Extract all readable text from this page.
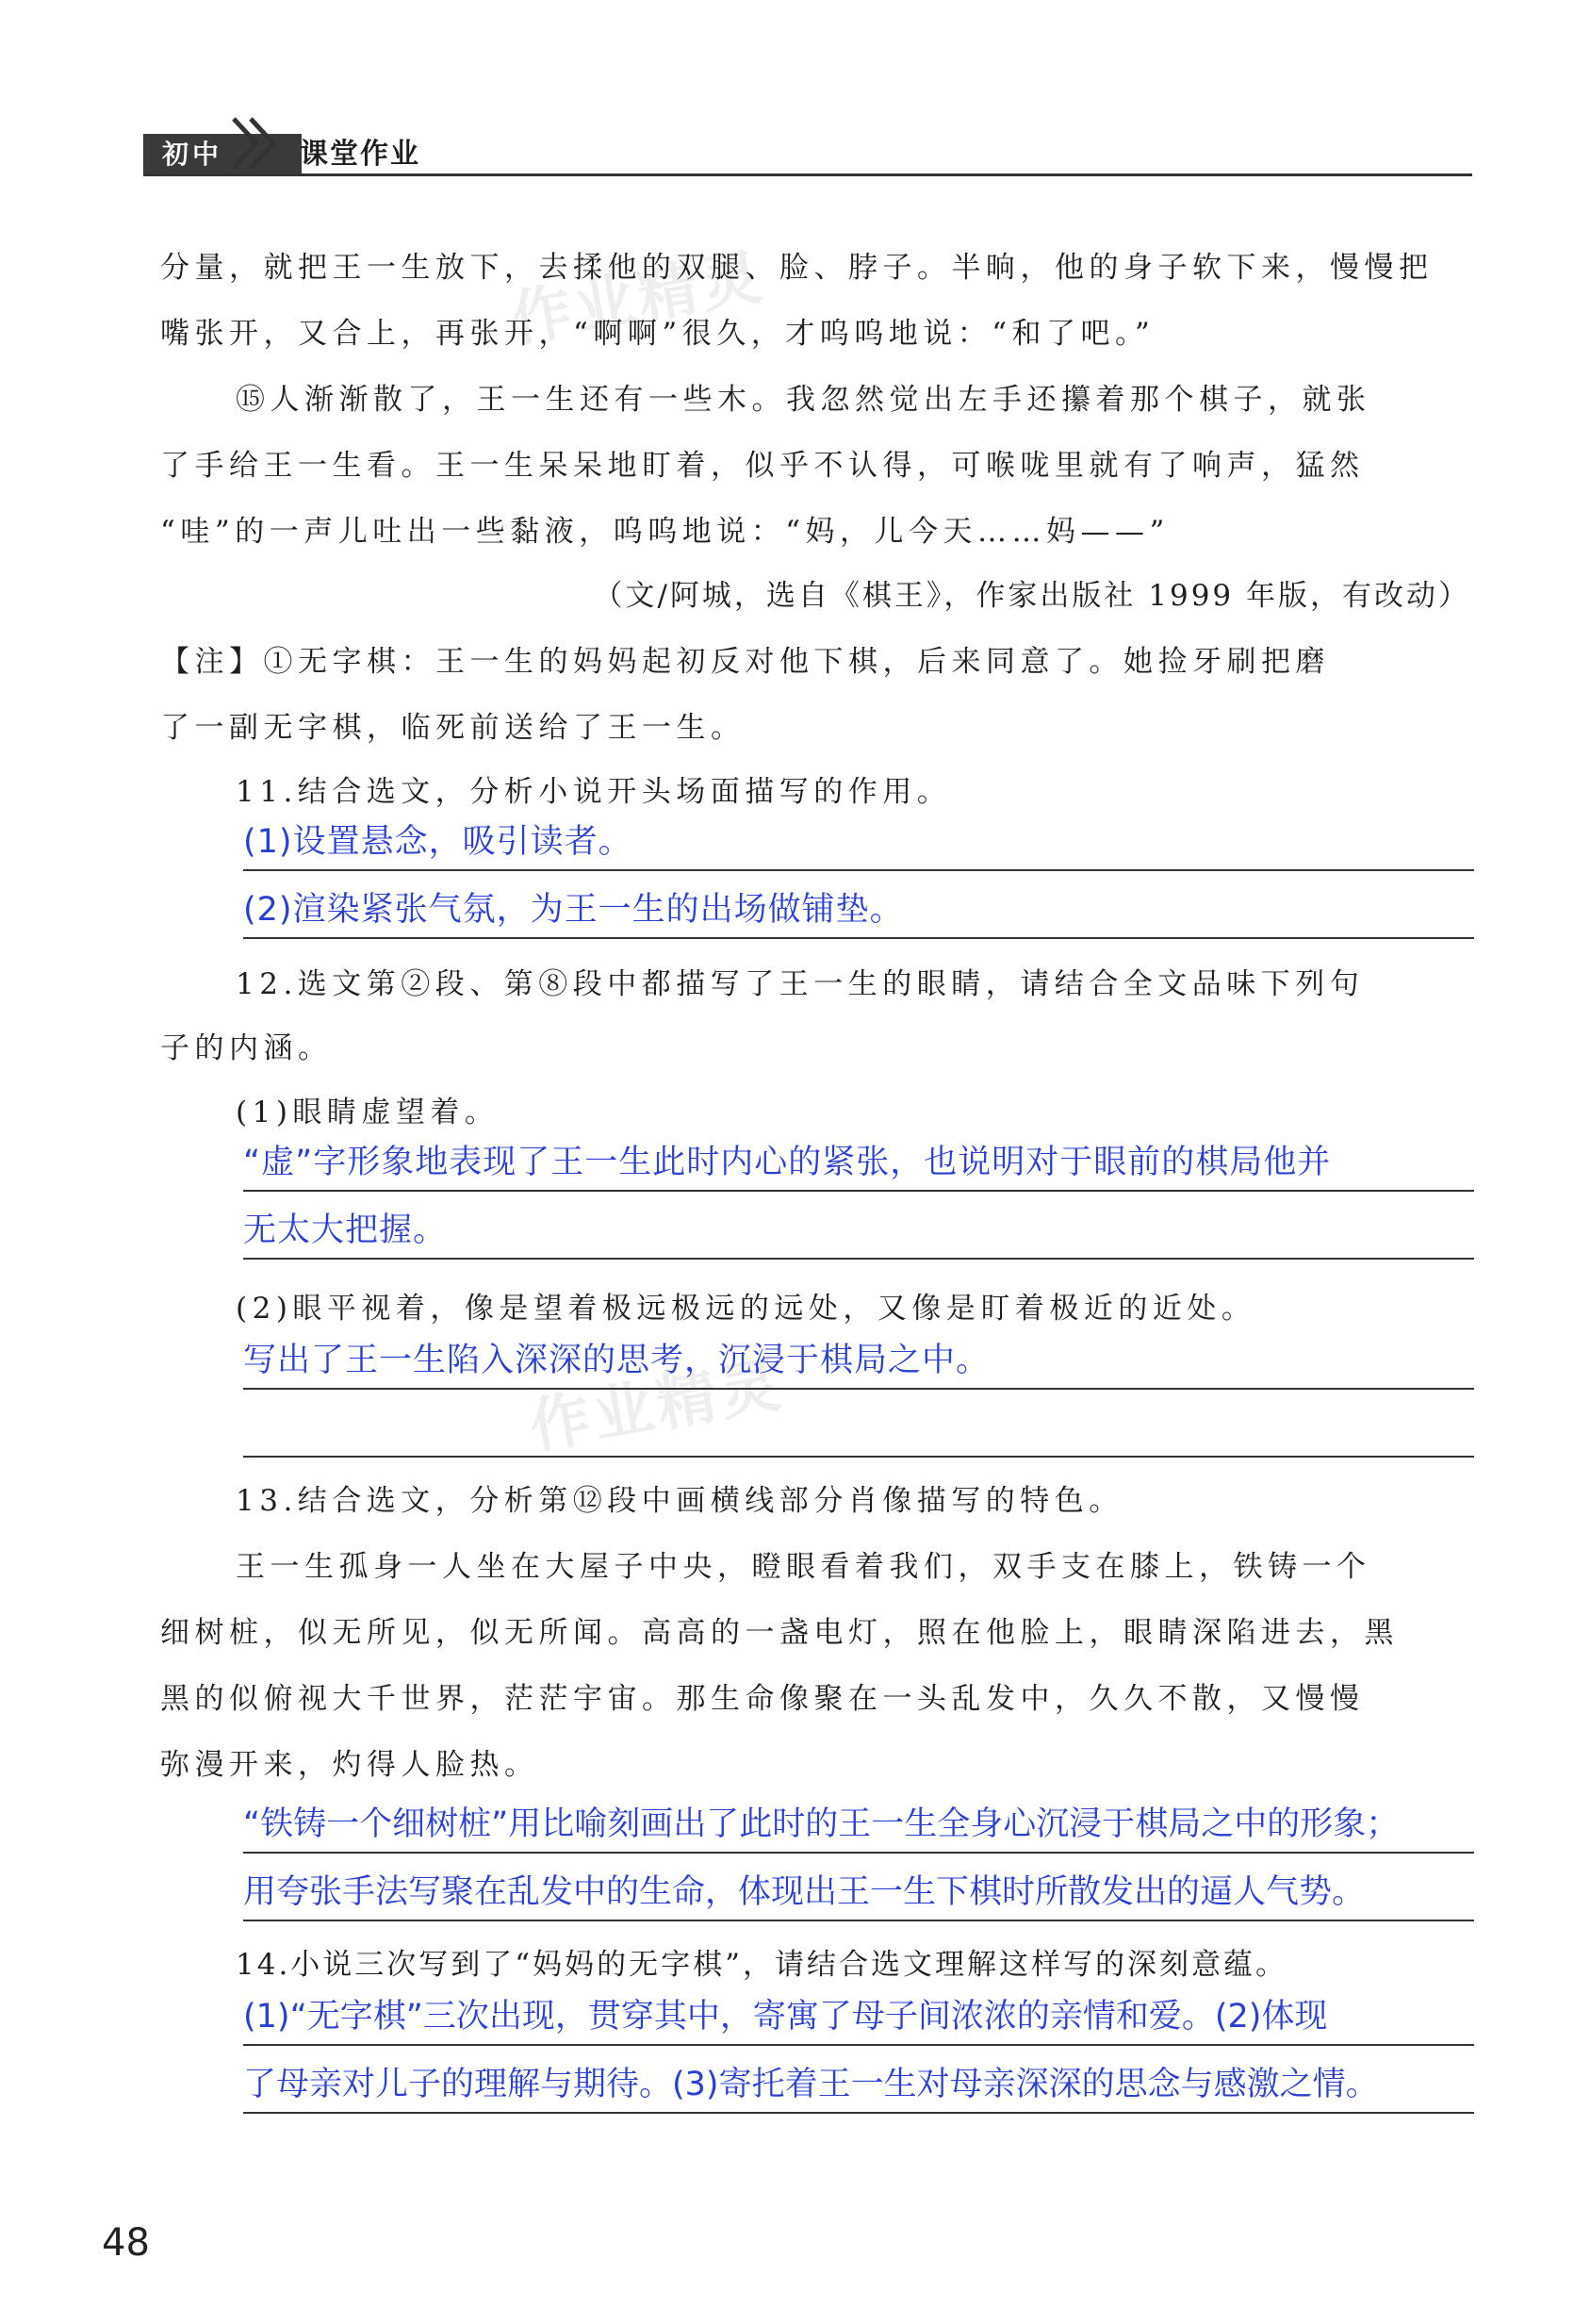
作业精灵
作业精灵
初中	课堂作业
分量，就把王一生放下，去揉他的双腿、脸、脖子。半晌，他的身子软下来，慢慢把
嘴张开，又合上，再张开，“啊啊”很久，才呜呜地说：“和了吧。”
⑮人渐渐散了，王一生还有一些木。我忽然觉出左手还攥着那个棋子，就张
了手给王一生看。王一生呆呆地盯着，似乎不认得，可喉咙里就有了响声，猛然
“哇”的一声儿吐出一些黏液，呜呜地说：“妈，儿今天……妈——”
（文/阿城，选自《棋王》，作家出版社 1999 年版，有改动）
【注】①无字棋：王一生的妈妈起初反对他下棋，后来同意了。她捡牙刷把磨
了一副无字棋，临死前送给了王一生。
11.结合选文，分析小说开头场面描写的作用。
(1)设置悬念，吸引读者。
(2)渲染紧张气氛，为王一生的出场做铺垫。
12.选文第②段、第⑧段中都描写了王一生的眼睛，请结合全文品味下列句
子的内涵。
(1)眼睛虚望着。
“虚”字形象地表现了王一生此时内心的紧张，也说明对于眼前的棋局他并
无太大把握。
(2)眼平视着，像是望着极远极远的远处，又像是盯着极近的近处。
写出了王一生陷入深深的思考，沉浸于棋局之中。
13.结合选文，分析第⑫段中画横线部分肖像描写的特色。
王一生孤身一人坐在大屋子中央，瞪眼看着我们，双手支在膝上，铁铸一个
细树桩，似无所见，似无所闻。高高的一盏电灯，照在他脸上，眼睛深陷进去，黑
黑的似俯视大千世界，茫茫宇宙。那生命像聚在一头乱发中，久久不散，又慢慢
弥漫开来，灼得人脸热。
“铁铸一个细树桩”用比喻刻画出了此时的王一生全身心沉浸于棋局之中的形象；
用夸张手法写聚在乱发中的生命，体现出王一生下棋时所散发出的逼人气势。
14.小说三次写到了“妈妈的无字棋”，请结合选文理解这样写的深刻意蕴。
(1)“无字棋”三次出现，贯穿其中，寄寓了母子间浓浓的亲情和爱。(2)体现
了母亲对儿子的理解与期待。(3)寄托着王一生对母亲深深的思念与感激之情。
48
